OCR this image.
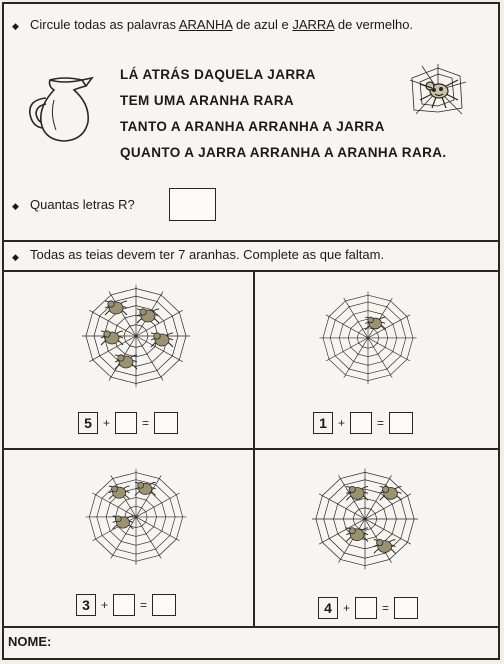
◆ Circule todas as palavras ARANHA de azul e JARRA de vermelho.
LÁ ATRÁS DAQUELA JARRA
TEM UMA ARANHA RARA
TANTO A ARANHA ARRANHA A JARRA
QUANTO A JARRA ARRANHA A ARANHA RARA.
◆ Quantas letras R?
◆ Todas as teias devem ter 7 aranhas. Complete as que faltam.
5 +	=	1 +	=
3 +	=	4 +	=
NOME:
